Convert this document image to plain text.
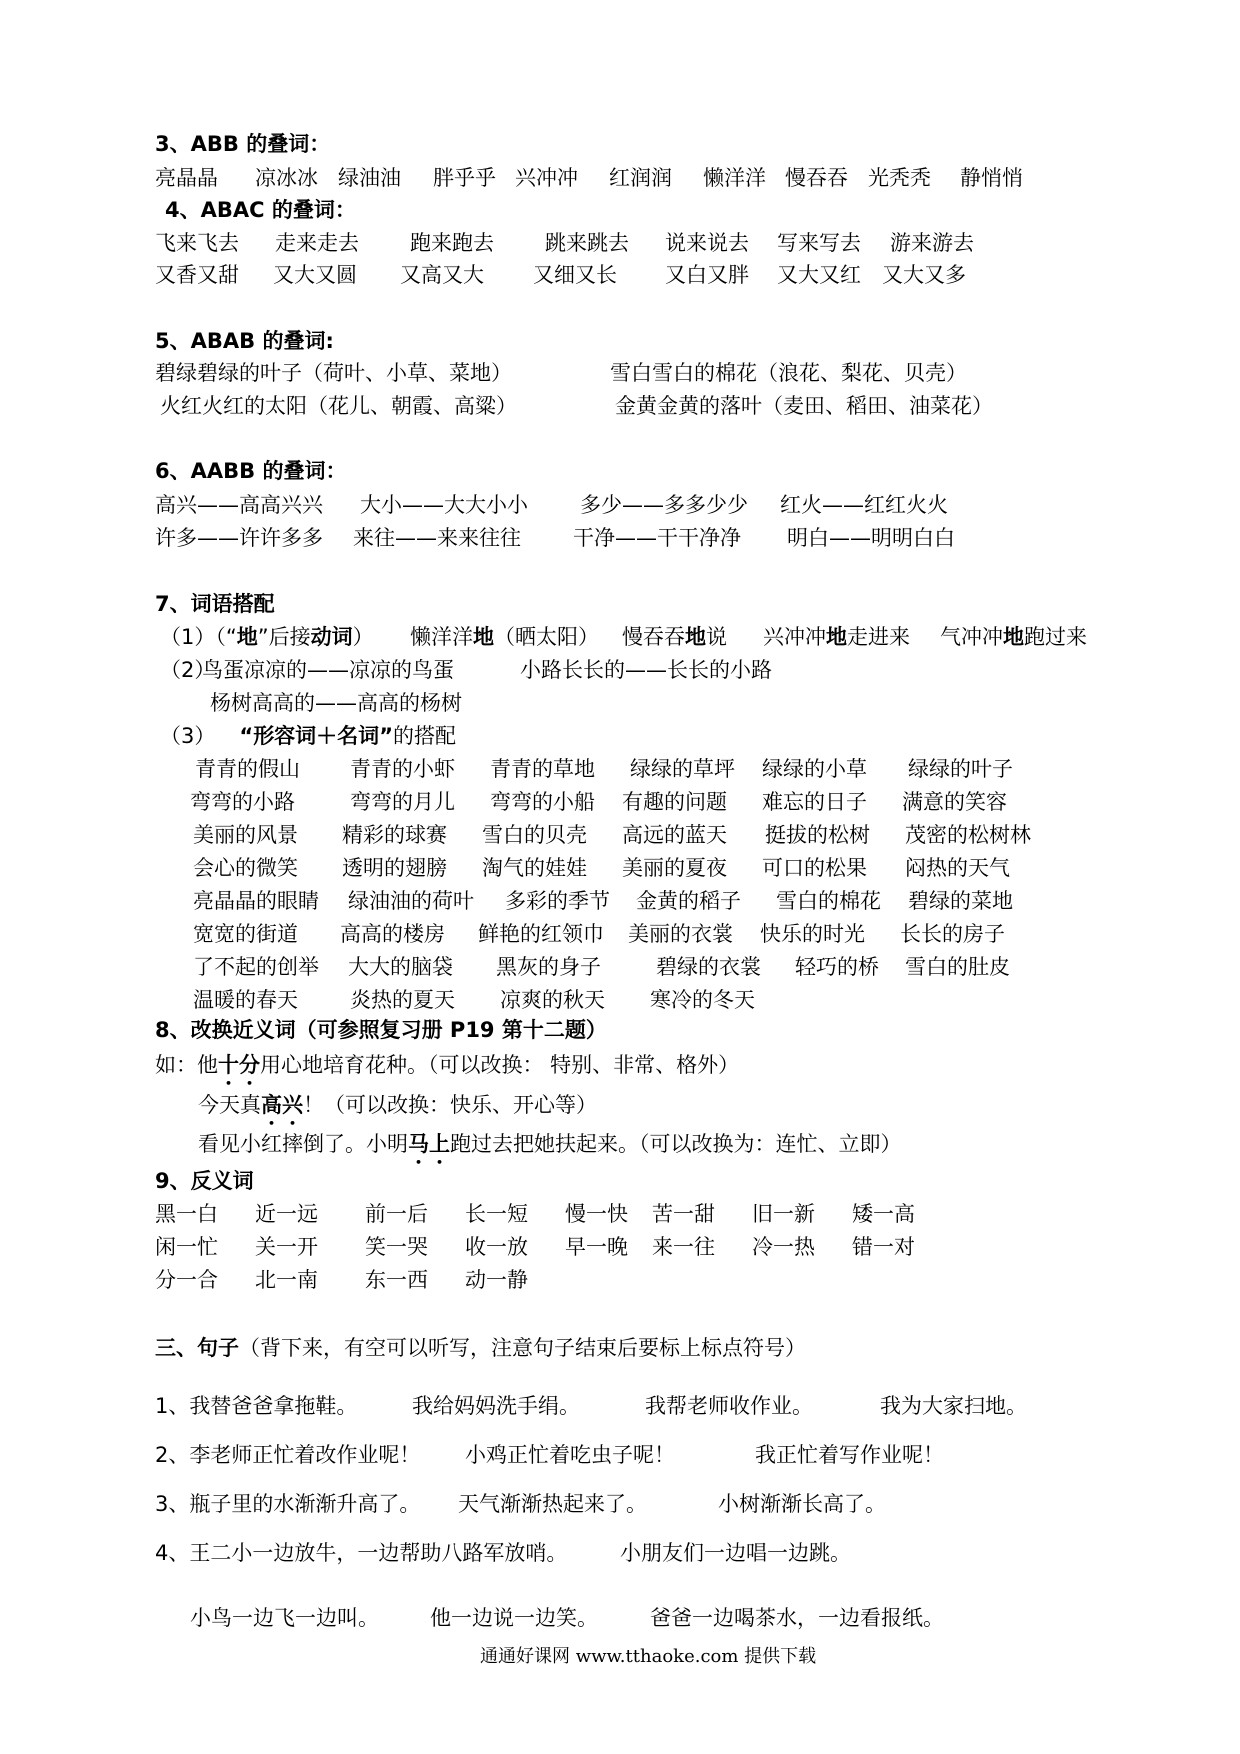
3、ABB 的叠词：
亮晶晶 凉冰冰 绿油油 胖乎乎 兴冲冲 红润润 懒洋洋 慢吞吞 光秃秃 静悄悄
4、ABAC 的叠词：
飞来飞去 走来走去 跑来跑去 跳来跳去 说来说去 写来写去 游来游去
又香又甜 又大又圆 又高又大 又细又长 又白又胖 又大又红 又大又多
5、ABAB 的叠词:
碧绿碧绿的叶子（荷叶、小草、菜地）	雪白雪白的棉花（浪花、梨花、贝壳）
火红火红的太阳（花儿、朝霞、高粱）	金黄金黄的落叶（麦田、稻田、油菜花）
6、AABB 的叠词：
高兴——高高兴兴 大小——大大小小 多少——多多少少 红火——红红火火
许多——许许多多 来往——来来往往 干净——干干净净 明白——明明白白
7、词语搭配
（1）（“地”后接动词） 懒洋洋地（晒太阳） 慢吞吞地说 兴冲冲地走进来 气冲冲地跑过来
（2）
鸟蛋凉凉的——凉凉的鸟蛋	小路长长的——长长的小路
杨树高高的——高高的杨树
（3） “形容词＋名词”的搭配
青青的假山 青青的小虾 青青的草地 绿绿的草坪 绿绿的小草 绿绿的叶子
弯弯的小路	弯弯的月儿 弯弯的小船 有趣的问题 难忘的日子 满意的笑容
美丽的风景 精彩的球赛 雪白的贝壳 高远的蓝天 挺拔的松树 茂密的松树林
会心的微笑 透明的翅膀 淘气的娃娃 美丽的夏夜 可口的松果 闷热的天气
亮晶晶的眼睛 绿油油的荷叶 多彩的季节 金黄的稻子 雪白的棉花 碧绿的菜地
宽宽的街道 高高的楼房 鲜艳的红领巾 美丽的衣裳 快乐的时光 长长的房子
了不起的创举 大大的脑袋 黑灰的身子	碧绿的衣裳 轻巧的桥 雪白的肚皮
温暖的春天 炎热的夏天 凉爽的秋天 寒冷的冬天
8、改换近义词（可参照复习册 P19 第十二题）
如：他十分用心地培育花种。（可以改换： 特别、非常、格外）
今天真高兴！（可以改换：快乐、开心等）
看见小红摔倒了。小明马上跑过去把她扶起来。（可以改换为：连忙、立即）
9、反义词
黑一白 近一远 前一后 长一短 慢一快 苦一甜 旧一新 矮一高
闲一忙 关一开 笑一哭 收一放 早一晚 来一往 冷一热 错一对
分一合 北一南 东一西 动一静
三、句子（背下来，有空可以听写，注意句子结束后要标上标点符号）
1、我替爸爸拿拖鞋。	我给妈妈洗手绢。	我帮老师收作业。	我为大家扫地。
2、李老师正忙着改作业呢！ 小鸡正忙着吃虫子呢！	我正忙着写作业呢！
3、瓶子里的水渐渐升高了。 天气渐渐热起来了。	小树渐渐长高了。
4、王二小一边放牛，一边帮助八路军放哨。	小朋友们一边唱一边跳。
小鸟一边飞一边叫。 他一边说一边笑。 爸爸一边喝茶水，一边看报纸。
通通好课网 www.tthaoke.com 提供下载
